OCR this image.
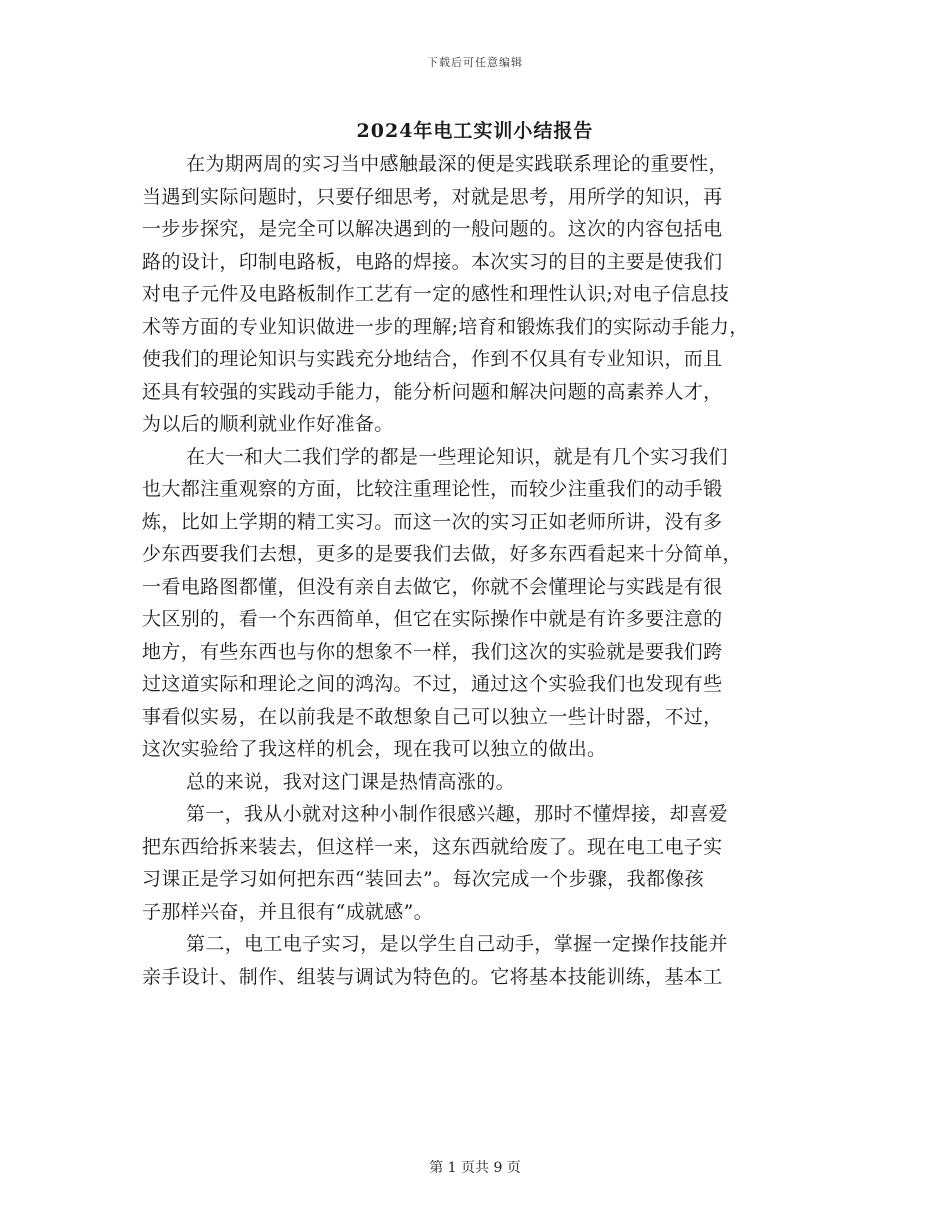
下载后可任意编辑
2024年电工实训小结报告
在为期两周的实习当中感触最深的便是实践联系理论的重要性，
当遇到实际问题时，只要仔细思考，对就是思考，用所学的知识，再
一步步探究，是完全可以解决遇到的一般问题的。这次的内容包括电
路的设计，印制电路板，电路的焊接。本次实习的目的主要是使我们
对电子元件及电路板制作工艺有一定的感性和理性认识;对电子信息技
术等方面的专业知识做进一步的理解;培育和锻炼我们的实际动手能力，
使我们的理论知识与实践充分地结合，作到不仅具有专业知识，而且
还具有较强的实践动手能力，能分析问题和解决问题的高素养人才，
为以后的顺利就业作好准备。
在大一和大二我们学的都是一些理论知识，就是有几个实习我们
也大都注重观察的方面，比较注重理论性，而较少注重我们的动手锻
炼，比如上学期的精工实习。而这一次的实习正如老师所讲，没有多
少东西要我们去想，更多的是要我们去做，好多东西看起来十分简单，
一看电路图都懂，但没有亲自去做它，你就不会懂理论与实践是有很
大区别的，看一个东西简单，但它在实际操作中就是有许多要注意的
地方，有些东西也与你的想象不一样，我们这次的实验就是要我们跨
过这道实际和理论之间的鸿沟。不过，通过这个实验我们也发现有些
事看似实易，在以前我是不敢想象自己可以独立一些计时器，不过，
这次实验给了我这样的机会，现在我可以独立的做出。
总的来说，我对这门课是热情高涨的。
第一，我从小就对这种小制作很感兴趣，那时不懂焊接，却喜爱
把东西给拆来装去，但这样一来，这东西就给废了。现在电工电子实
习课正是学习如何把东西“装回去”。每次完成一个步骤，我都像孩
子那样兴奋，并且很有“成就感”。
第二，电工电子实习，是以学生自己动手，掌握一定操作技能并
亲手设计、制作、组装与调试为特色的。它将基本技能训练，基本工
第 1 页共 9 页
